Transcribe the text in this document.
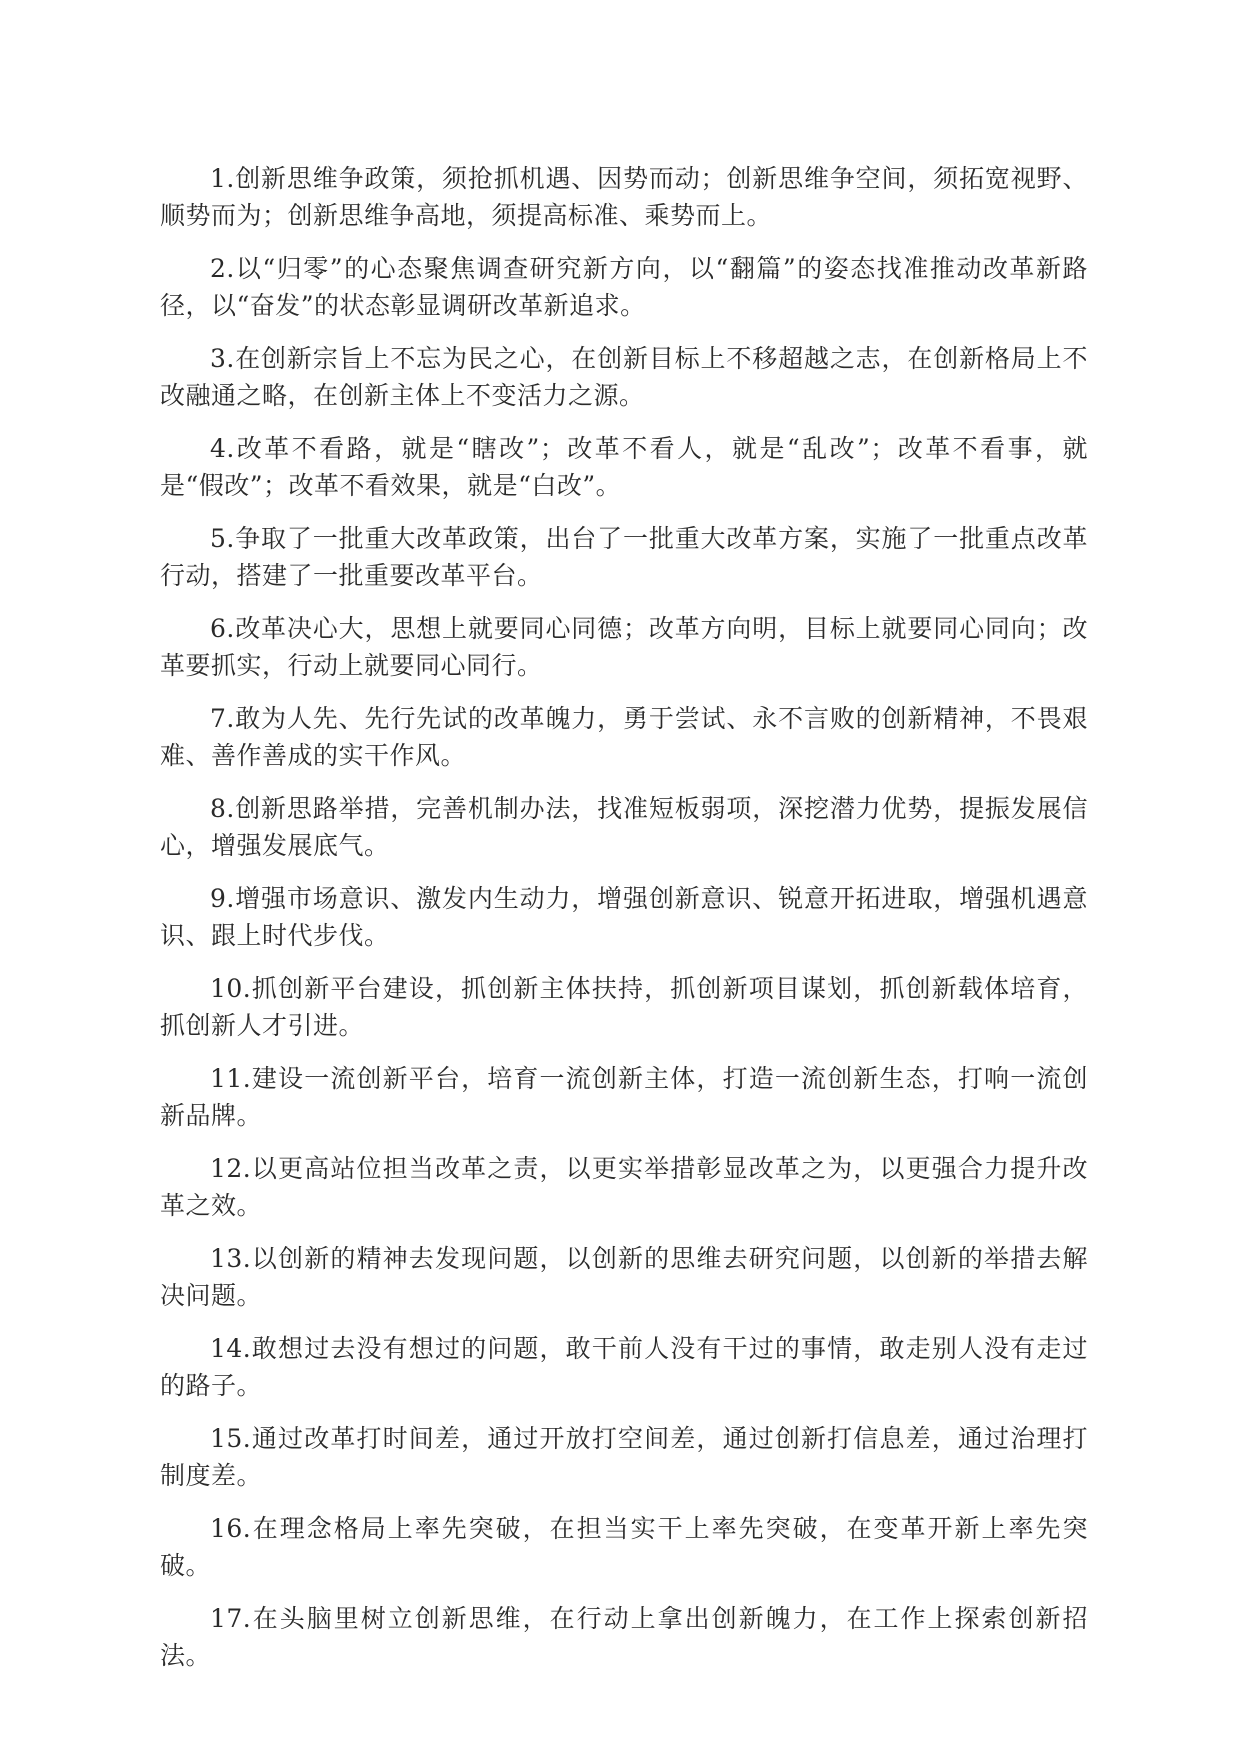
1.创新思维争政策，须抢抓机遇、因势而动；创新思维争空间，须拓宽视野、顺势而为；创新思维争高地，须提高标准、乘势而上。

2.以“归零”的心态聚焦调查研究新方向，以“翻篇”的姿态找准推动改革新路径，以“奋发”的状态彰显调研改革新追求。

3.在创新宗旨上不忘为民之心，在创新目标上不移超越之志，在创新格局上不改融通之略，在创新主体上不变活力之源。

4.改革不看路，就是“瞎改”；改革不看人，就是“乱改”；改革不看事，就是“假改”；改革不看效果，就是“白改”。

5.争取了一批重大改革政策，出台了一批重大改革方案，实施了一批重点改革行动，搭建了一批重要改革平台。

6.改革决心大，思想上就要同心同德；改革方向明，目标上就要同心同向；改革要抓实，行动上就要同心同行。

7.敢为人先、先行先试的改革魄力，勇于尝试、永不言败的创新精神，不畏艰难、善作善成的实干作风。

8.创新思路举措，完善机制办法，找准短板弱项，深挖潜力优势，提振发展信心，增强发展底气。

9.增强市场意识、激发内生动力，增强创新意识、锐意开拓进取，增强机遇意识、跟上时代步伐。

10.抓创新平台建设，抓创新主体扶持，抓创新项目谋划，抓创新载体培育，抓创新人才引进。

11.建设一流创新平台，培育一流创新主体，打造一流创新生态，打响一流创新品牌。

12.以更高站位担当改革之责，以更实举措彰显改革之为，以更强合力提升改革之效。

13.以创新的精神去发现问题，以创新的思维去研究问题，以创新的举措去解决问题。

14.敢想过去没有想过的问题，敢干前人没有干过的事情，敢走别人没有走过的路子。

15.通过改革打时间差，通过开放打空间差，通过创新打信息差，通过治理打制度差。

16.在理念格局上率先突破，在担当实干上率先突破，在变革开新上率先突破。

17.在头脑里树立创新思维，在行动上拿出创新魄力，在工作上探索创新招法。
